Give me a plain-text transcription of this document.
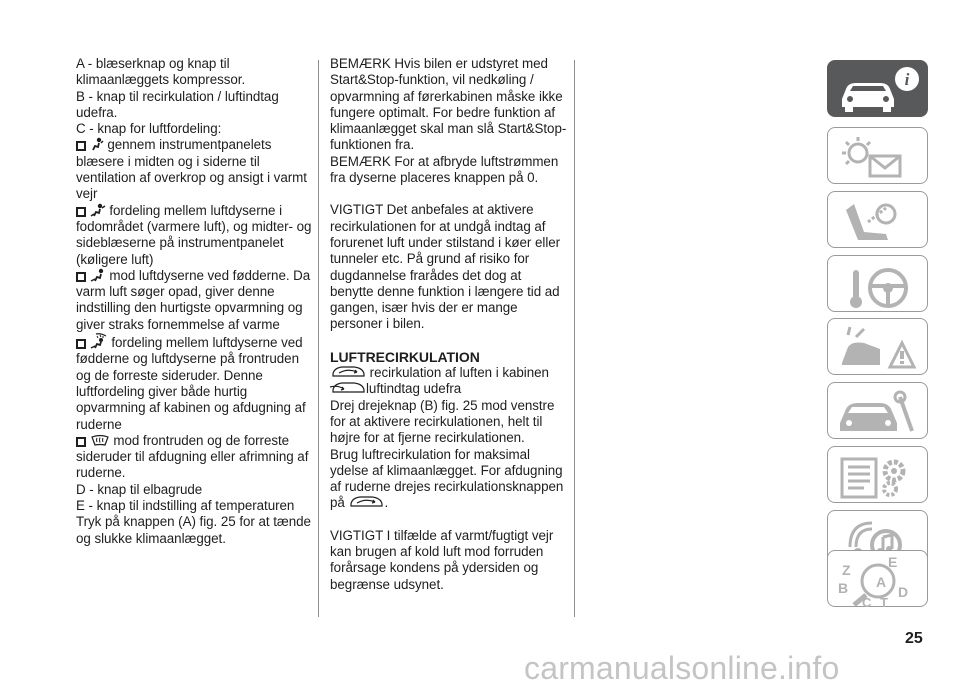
A - blæserknap og knap til klimaanlæggets kompressor.

B - knap til recirkulation / luftindtag udefra.

C - knap for luftfordeling:

gennem instrumentpanelets blæsere i midten og i siderne til ventilation af overkrop og ansigt i varmt vejr

fordeling mellem luftdyserne i fodområdet (varmere luft), og midter- og sideblæserne på instrumentpanelet (køligere luft)

mod luftdyserne ved fødderne. Da varm luft søger opad, giver denne indstilling den hurtigste opvarmning og giver straks fornemmelse af varme

fordeling mellem luftdyserne ved fødderne og luftdyserne på frontruden og de forreste sideruder. Denne luftfordeling giver både hurtig opvarmning af kabinen og afdugning af ruderne

mod frontruden og de forreste sideruder til afdugning eller afrimning af ruderne.

D - knap til elbagrude

E - knap til indstilling af temperaturen

Tryk på knappen (A) fig. 25 for at tænde og slukke klimaanlægget.

BEMÆRK Hvis bilen er udstyret med Start&Stop-funktion, vil nedkøling / opvarmning af førerkabinen måske ikke fungere optimalt. For bedre funktion af klimaanlægget skal man slå Start&Stop-funktionen fra.

BEMÆRK For at afbryde luftstrømmen fra dyserne placeres knappen på 0.

VIGTIGT Det anbefales at aktivere recirkulationen for at undgå indtag af forurenet luft under stilstand i køer eller tunneler etc. På grund af risiko for dugdannelse frarådes det dog at benytte denne funktion i længere tid ad gangen, især hvis der er mange personer i bilen.

LUFTRECIRKULATION

recirkulation af luften i kabinen

luftindtag udefra

Drej drejeknap (B) fig. 25 mod venstre for at aktivere recirkulationen, helt til højre for at fjerne recirkulationen.

Brug luftrecirkulation for maksimal ydelse af klimaanlægget. For afdugning af ruderne drejes recirkulationsknappen på	.

VIGTIGT I tilfælde af varmt/fugtigt vejr kan brugen af kold luft mod forruden forårsage kondens på ydersiden og begrænse udsynet.

i
Z	E
B A
C T
D
25
carmanualsonline.info
